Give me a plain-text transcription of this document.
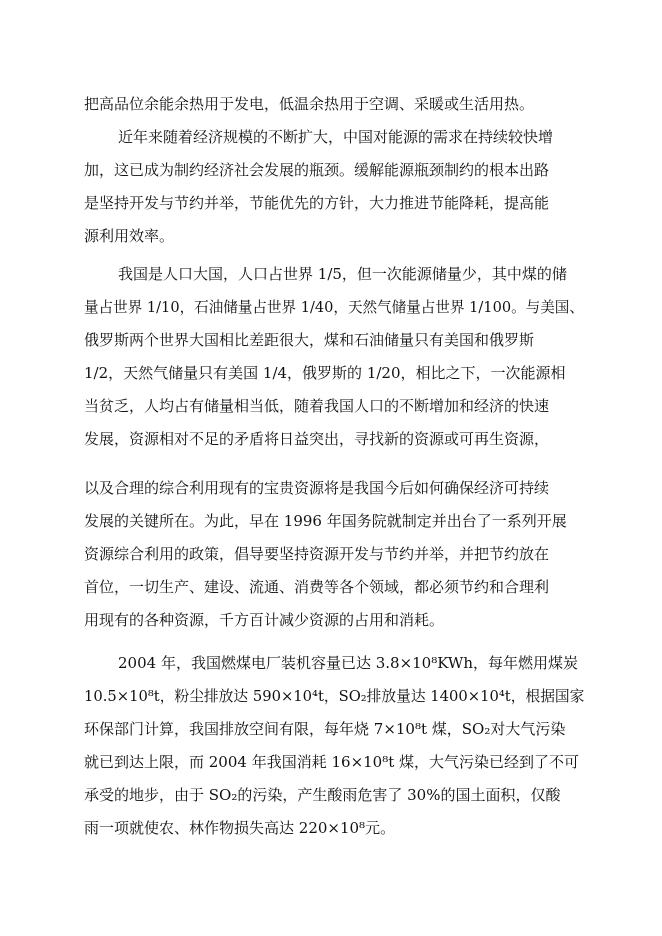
把高品位余能余热用于发电，低温余热用于空调、采暖或生活用热。
近年来随着经济规模的不断扩大，中国对能源的需求在持续较快增
加，这已成为制约经济社会发展的瓶颈。缓解能源瓶颈制约的根本出路
是坚持开发与节约并举，节能优先的方针，大力推进节能降耗，提高能
源利用效率。
我国是人口大国，人口占世界 1/5，但一次能源储量少，其中煤的储
量占世界 1/10，石油储量占世界 1/40，天然气储量占世界 1/100。与美国、
俄罗斯两个世界大国相比差距很大，煤和石油储量只有美国和俄罗斯
1/2，天然气储量只有美国 1/4，俄罗斯的 1/20，相比之下，一次能源相
当贫乏，人均占有储量相当低，随着我国人口的不断增加和经济的快速
发展，资源相对不足的矛盾将日益突出，寻找新的资源或可再生资源，
以及合理的综合利用现有的宝贵资源将是我国今后如何确保经济可持续
发展的关键所在。为此，早在 1996 年国务院就制定并出台了一系列开展
资源综合利用的政策，倡导要坚持资源开发与节约并举，并把节约放在
首位，一切生产、建设、流通、消费等各个领域，都必须节约和合理利
用现有的各种资源，千方百计减少资源的占用和消耗。
2004 年，我国燃煤电厂装机容量已达 3.8×10⁸KWh，每年燃用煤炭
10.5×10⁸t，粉尘排放达 590×10⁴t，SO₂排放量达 1400×10⁴t，根据国家
环保部门计算，我国排放空间有限，每年烧 7×10⁸t 煤，SO₂对大气污染
就已到达上限，而 2004 年我国消耗 16×10⁸t 煤，大气污染已经到了不可
承受的地步，由于 SO₂的污染，产生酸雨危害了 30%的国土面积，仅酸
雨一项就使农、林作物损失高达 220×10⁸元。
